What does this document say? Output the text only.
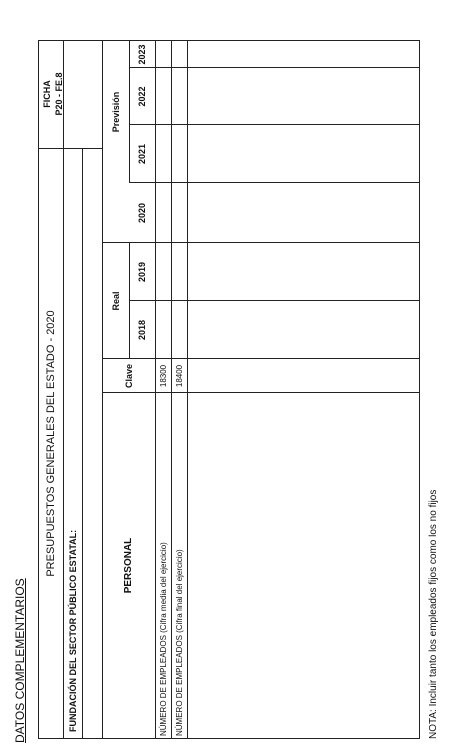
DATOS COMPLEMENTARIOS
PRESUPUESTOS GENERALES DEL ESTADO - 2020
FICHA P20 - FE.8
FUNDACIÓN DEL SECTOR PÚBLICO ESTATAL:	PERSONAL
Clave
Real
Previsión
2018
2019
2020
2021
2022
2023
NÚMERO DE EMPLEADOS (Cifra media del ejercicio)
18300
NÚMERO DE EMPLEADOS (Cifra final del ejercicio)
18400
NOTA: Incluir tanto los empleados fijos como los no fijos
